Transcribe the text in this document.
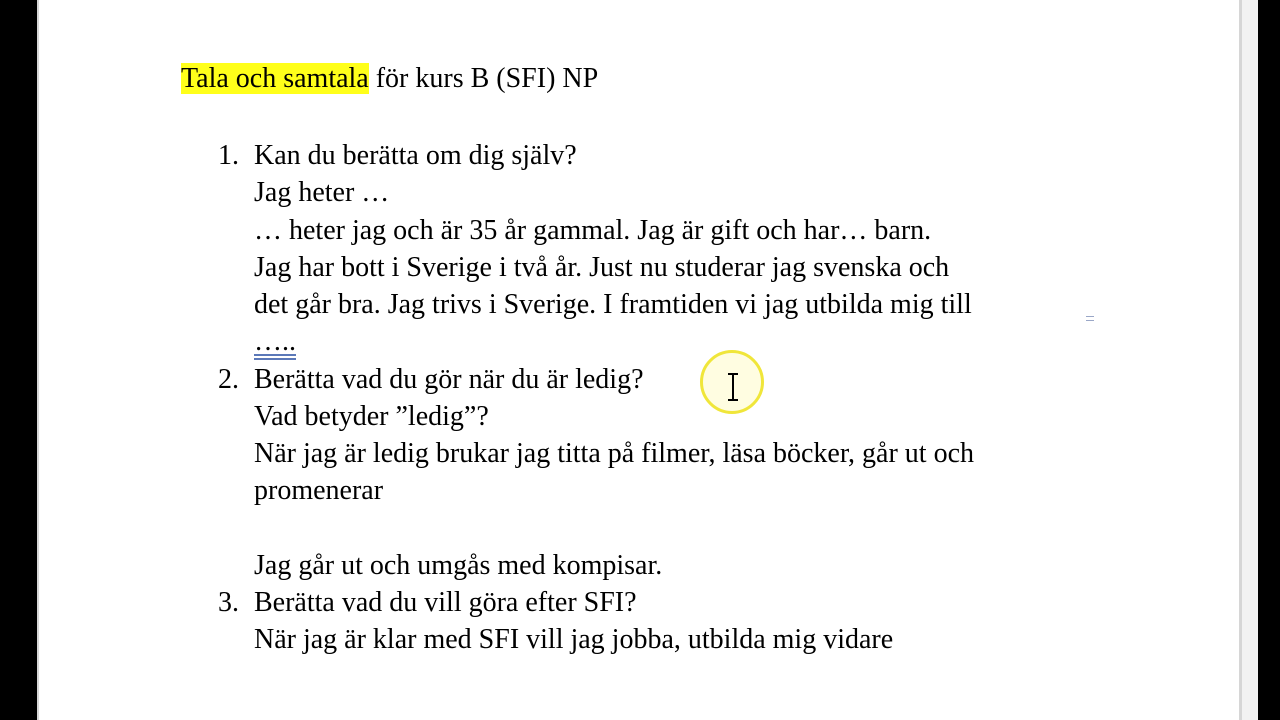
Tala och samtala för kurs B (SFI) NP
1. Kan du berätta om dig själv?
Jag heter …
… heter jag och är 35 år gammal. Jag är gift och har… barn.
Jag har bott i Sverige i två år. Just nu studerar jag svenska och
det går bra. Jag trivs i Sverige. I framtiden vi jag utbilda mig till
…..
2. Berätta vad du gör när du är ledig?
Vad betyder ”ledig”?
När jag är ledig brukar jag titta på filmer, läsa böcker, går ut och
promenerar
Jag går ut och umgås med kompisar.
3. Berätta vad du vill göra efter SFI?
När jag är klar med SFI vill jag jobba, utbilda mig vidare
